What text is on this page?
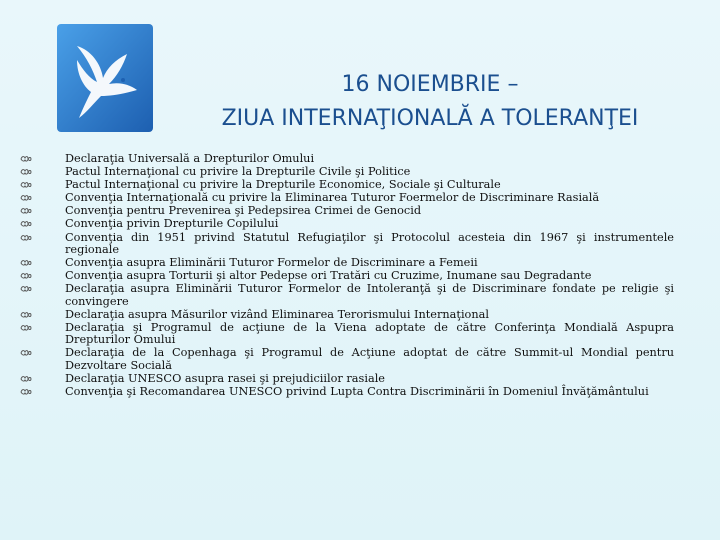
16 NOIEMBRIE –
ZIUA INTERNAŢIONALĂ A TOLERANŢEI
Declaraţia Universală a Drepturilor Omului
Pactul Internaţional cu privire la Drepturile Civile şi Politice
Pactul Internaţional cu privire la Drepturile Economice, Sociale şi Culturale
Convenţia Internaţională cu privire la Eliminarea Tuturor Foermelor de Discriminare Rasială
Convenţia pentru Prevenirea şi Pedepsirea Crimei de Genocid
Convenţia privin Drepturile Copilului
Convenţia din 1951 privind Statutul Refugiaţilor şi Protocolul acesteia din 1967 şi instrumentele regionale
Convenţia asupra Eliminării Tuturor Formelor de Discriminare a Femeii
Convenţia asupra Torturii şi altor Pedepse ori Tratări cu Cruzime, Inumane sau Degradante
Declaraţia asupra Eliminării Tuturor Formelor de Intoleranţă şi de Discriminare fondate pe religie şi convingere
Declaraţia asupra Măsurilor vizând Eliminarea Terorismului Internaţional
Declaraţia şi Programul de acţiune de la Viena adoptate de către Conferinţa Mondială Aspupra Drepturilor Omului
Declaraţia de la Copenhaga şi Programul de Acţiune adoptat de către Summit-ul Mondial pentru Dezvoltare Socială
Declaraţia UNESCO asupra rasei şi prejudiciilor rasiale
Convenţia şi Recomandarea UNESCO privind Lupta Contra Discriminării în Domeniul Învăţământului
